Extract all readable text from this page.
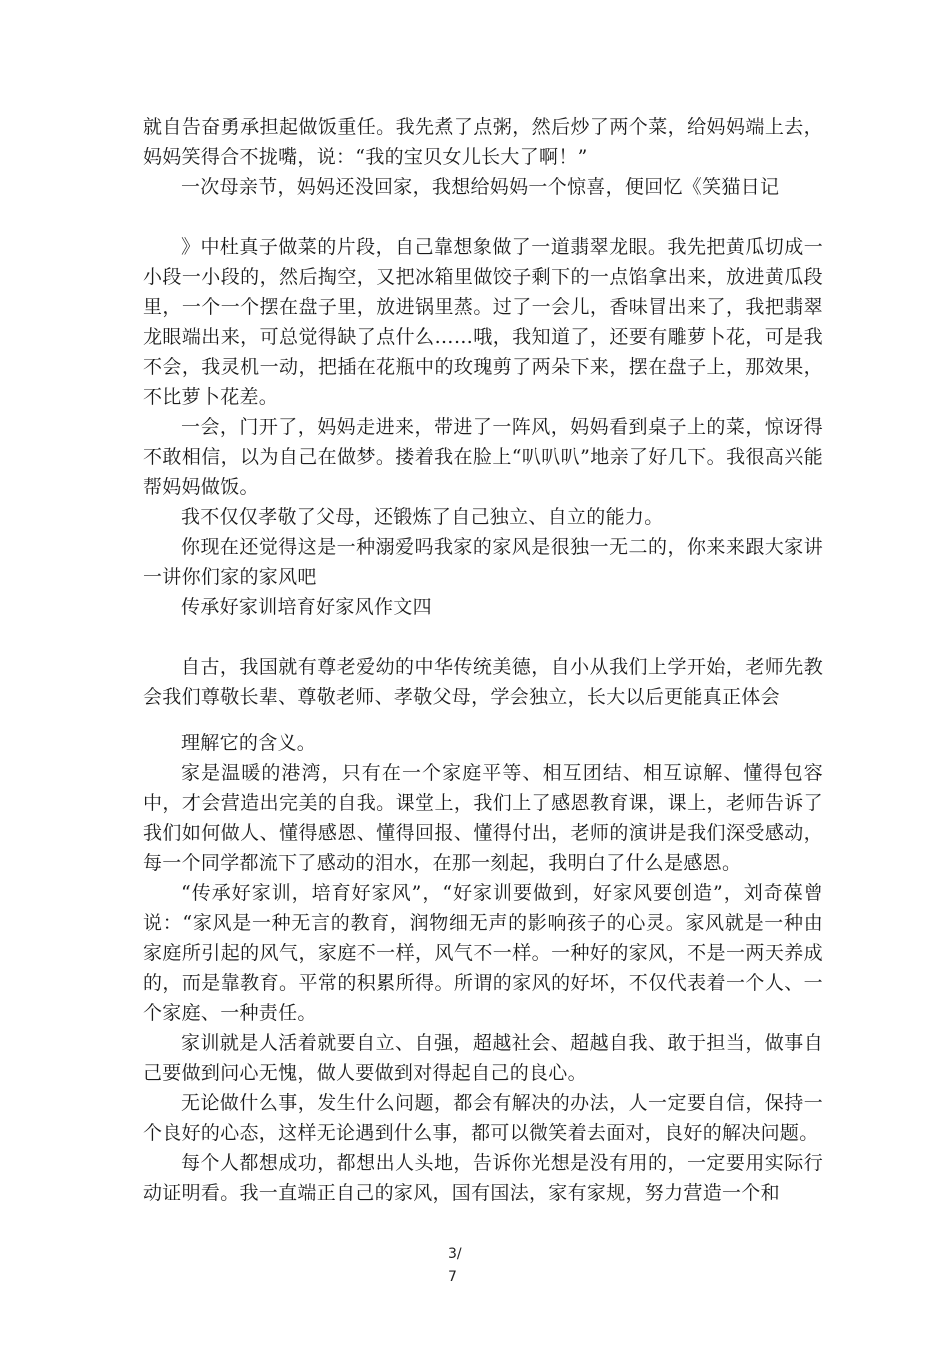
就自告奋勇承担起做饭重任。我先煮了点粥，然后炒了两个菜，给妈妈端上去，妈妈笑得合不拢嘴，说：“我的宝贝女儿长大了啊！”

一次母亲节，妈妈还没回家，我想给妈妈一个惊喜，便回忆《笑猫日记

》中杜真子做菜的片段，自己靠想象做了一道翡翠龙眼。我先把黄瓜切成一小段一小段的，然后掏空，又把冰箱里做饺子剩下的一点馅拿出来，放进黄瓜段里，一个一个摆在盘子里，放进锅里蒸。过了一会儿，香味冒出来了，我把翡翠龙眼端出来，可总觉得缺了点什么……哦，我知道了，还要有雕萝卜花，可是我不会，我灵机一动，把插在花瓶中的玫瑰剪了两朵下来，摆在盘子上，那效果，不比萝卜花差。

一会，门开了，妈妈走进来，带进了一阵风，妈妈看到桌子上的菜，惊讶得不敢相信，以为自己在做梦。搂着我在脸上“叭叭叭”地亲了好几下。我很高兴能帮妈妈做饭。

我不仅仅孝敬了父母，还锻炼了自己独立、自立的能力。

你现在还觉得这是一种溺爱吗我家的家风是很独一无二的，你来来跟大家讲一讲你们家的家风吧

传承好家训培育好家风作文四

自古，我国就有尊老爱幼的中华传统美德，自小从我们上学开始，老师先教会我们尊敬长辈、尊敬老师、孝敬父母，学会独立，长大以后更能真正体会

理解它的含义。

家是温暖的港湾，只有在一个家庭平等、相互团结、相互谅解、懂得包容中，才会营造出完美的自我。课堂上，我们上了感恩教育课，课上，老师告诉了我们如何做人、懂得感恩、懂得回报、懂得付出，老师的演讲是我们深受感动，每一个同学都流下了感动的泪水，在那一刻起，我明白了什么是感恩。

“传承好家训，培育好家风”，“好家训要做到，好家风要创造”，刘奇葆曾说：“家风是一种无言的教育，润物细无声的影响孩子的心灵。家风就是一种由家庭所引起的风气，家庭不一样，风气不一样。一种好的家风，不是一两天养成的，而是靠教育。平常的积累所得。所谓的家风的好坏，不仅代表着一个人、一个家庭、一种责任。

家训就是人活着就要自立、自强，超越社会、超越自我、敢于担当，做事自己要做到问心无愧，做人要做到对得起自己的良心。

无论做什么事，发生什么问题，都会有解决的办法，人一定要自信，保持一个良好的心态，这样无论遇到什么事，都可以微笑着去面对，良好的解决问题。

每个人都想成功，都想出人头地，告诉你光想是没有用的，一定要用实际行动证明看。我一直端正自己的家风，国有国法，家有家规，努力营造一个和

3/
7
